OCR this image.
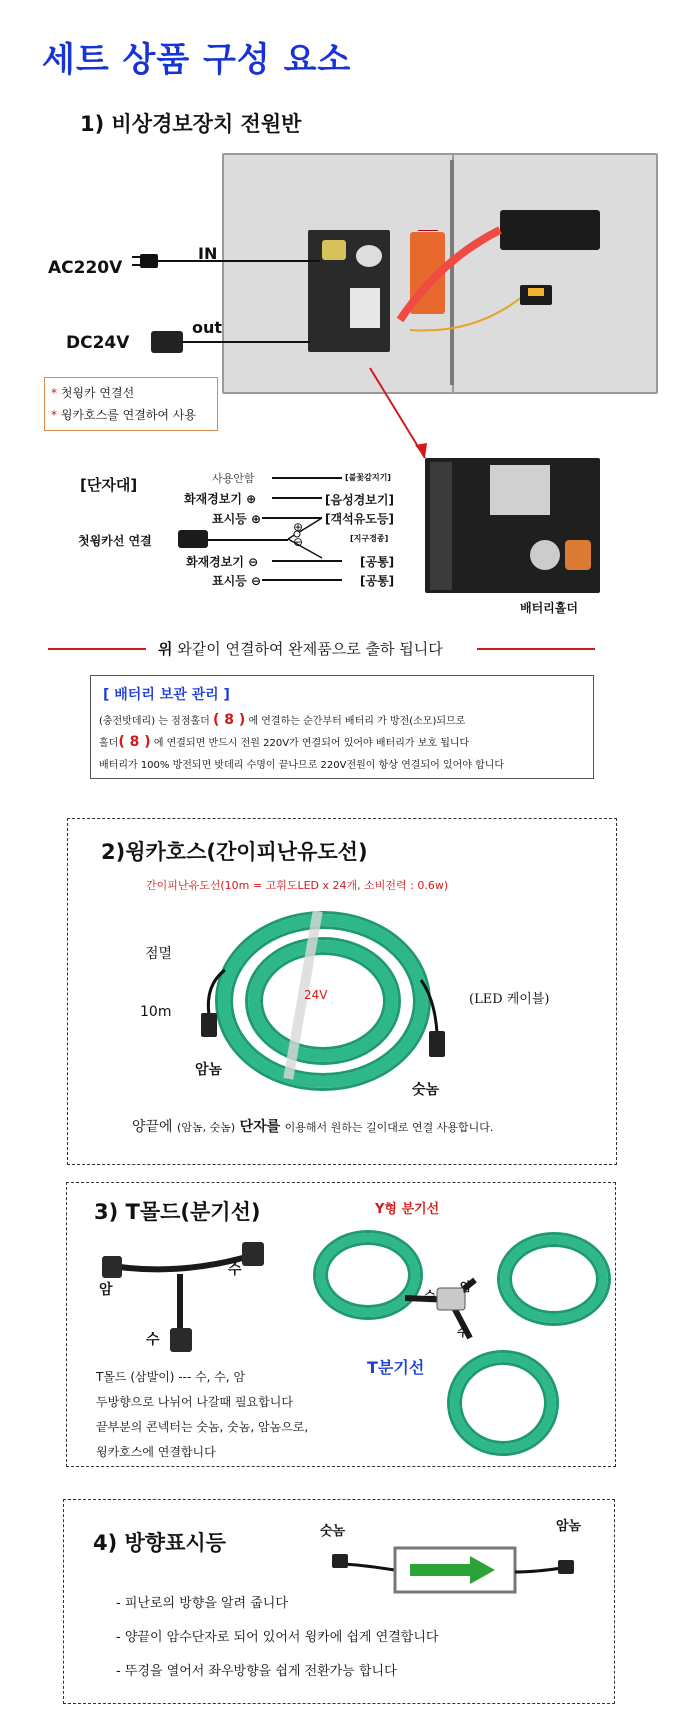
세트 상품 구성 요소
1) 비상경보장치 전원반
AC220V
IN
DC24V
out
* 첫윙카 연결선
* 윙카호스를 연결하여 사용
[단자대]	사용안함
화재경보기 ⊕
표시등 ⊕
첫윙카선 연결
화재경보기 ⊖
표시등 ⊖
⊕
⊖
[불꽃감지기]
[음성경보기]
[객석유도등]
[지구경종]
[공통]
[공통]
배터리홀더
위 와같이 연결하여 완제품으로 출하 됩니다
[ 배터리 보관 관리 ]
(충전밧데리) 는 점점홀더 ( 8 ) 에 연결하는 순간부터 배터리 가 방전(소모)되므로
홀더( 8 ) 에 연결되면 반드시 전원 220V가 연결되어 있어야 배터리가 보호 됩니다
배터리가 100% 방전되면 밧데리 수명이 끝나므로 220V전원이 항상 연결되어 있어야 합니다
2)윙카호스(간이피난유도선)
간이피난유도선(10m = 고휘도LED x 24개, 소비전력 : 0.6w)
24V
점멸
10m
(LED 케이블)
암놈
숫놈
양끝에 (암놈, 숫놈) 단자를 이용해서 원하는 길이대로 연결 사용합니다.
3) T몰드(분기선)	Y형 분기선
암
수
수
T몰드 (삼발이) --- 수, 수, 암
두방향으로 나뉘어 나갈때 필요합니다
끝부분의 콘넥터는 숫놈, 숫놈, 암놈으로,
윙카호스에 연결합니다
수
암
수
T분기선
4) 방향표시등	숫놈	암놈
- 피난로의 방향을 알려 줍니다
- 양끝이 암수단자로 되어 있어서 윙카에 쉽게 연결합니다
- 뚜경을 열어서 좌우방향을 쉽게 전환가능 합니다
